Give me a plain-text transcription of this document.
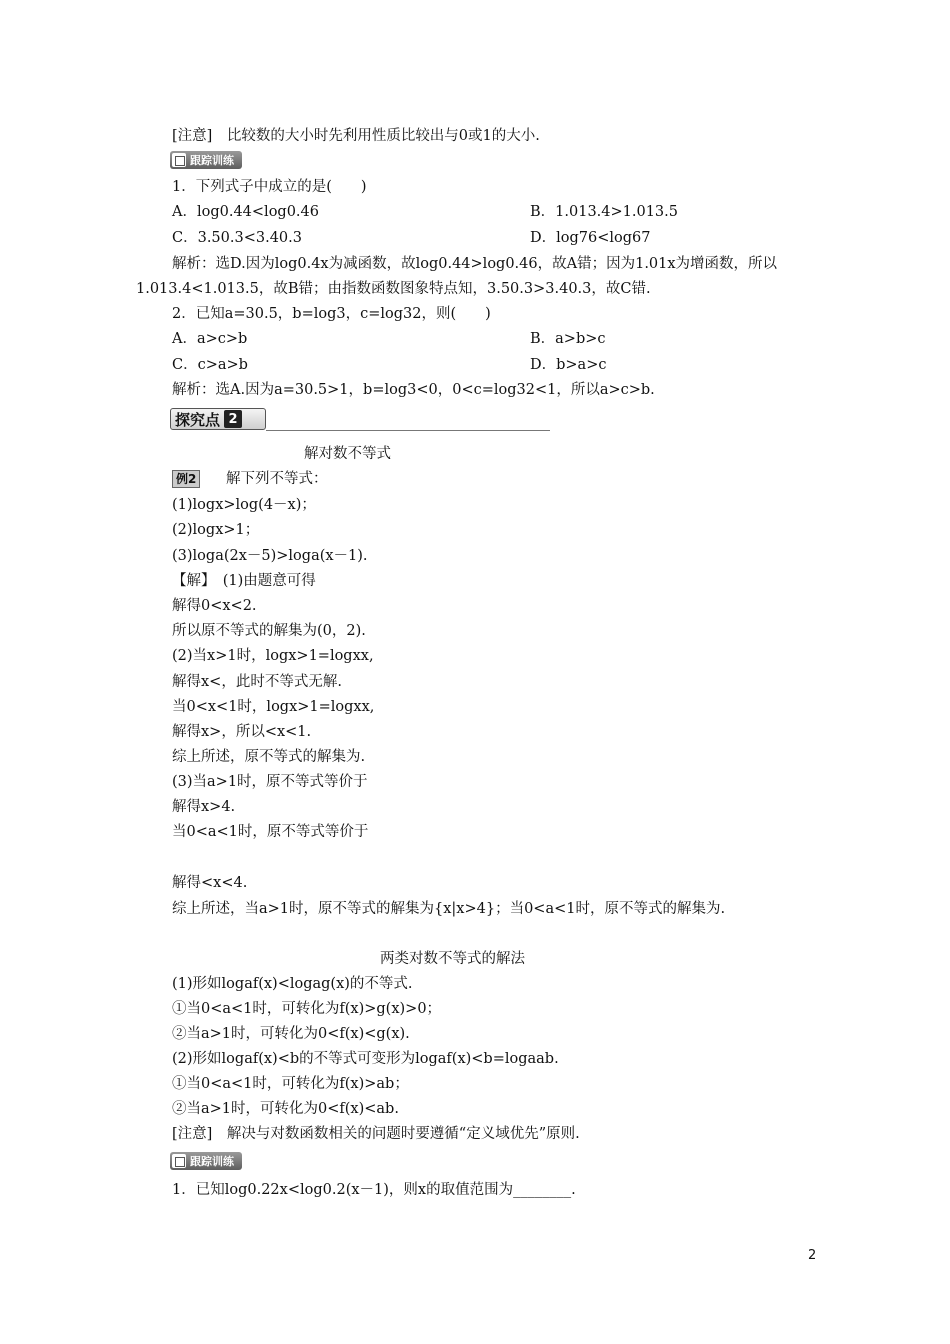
[注意]　比较数的大小时先利用性质比较出与0或1的大小.
跟踪训练
1．下列式子中成立的是(　　)
A．log0.44<log0.46	B．1.013.4>1.013.5
C．3.50.3<3.40.3	D．log76<log67
解析：选D.因为log0.4x为减函数，故log0.44>log0.46，故A错；因为1.01x为增函数，所以
1.013.4<1.013.5，故B错；由指数函数图象特点知，3.50.3>3.40.3，故C错.
2．已知a=30.5，b=log3，c=log32，则(　　)
A．a>c>b	B．a>b>c
C．c>a>b	D．b>a>c
解析：选A.因为a=30.5>1，b=log3<0，0<c=log32<1，所以a>c>b.
探究点 2
解对数不等式
例2 解下列不等式：
(1)logx>log(4－x)；
(2)logx>1；
(3)loga(2x－5)>loga(x－1).
【解】　(1)由题意可得
解得0<x<2.
所以原不等式的解集为(0，2).
(2)当x>1时，logx>1=logxx,
解得x<，此时不等式无解.
当0<x<1时，logx>1=logxx,
解得x>，所以<x<1.
综上所述，原不等式的解集为.
(3)当a>1时，原不等式等价于
解得x>4.
当0<a<1时，原不等式等价于
解得<x<4.
综上所述，当a>1时，原不等式的解集为{x|x>4}；当0<a<1时，原不等式的解集为.
两类对数不等式的解法
(1)形如logaf(x)<logag(x)的不等式.
①当0<a<1时，可转化为f(x)>g(x)>0；
②当a>1时，可转化为0<f(x)<g(x).
(2)形如logaf(x)<b的不等式可变形为logaf(x)<b=logaab.
①当0<a<1时，可转化为f(x)>ab；
②当a>1时，可转化为0<f(x)<ab.
[注意]　解决与对数函数相关的问题时要遵循“定义域优先”原则.
跟踪训练
1．已知log0.22x<log0.2(x－1)，则x的取值范围为________.
2
